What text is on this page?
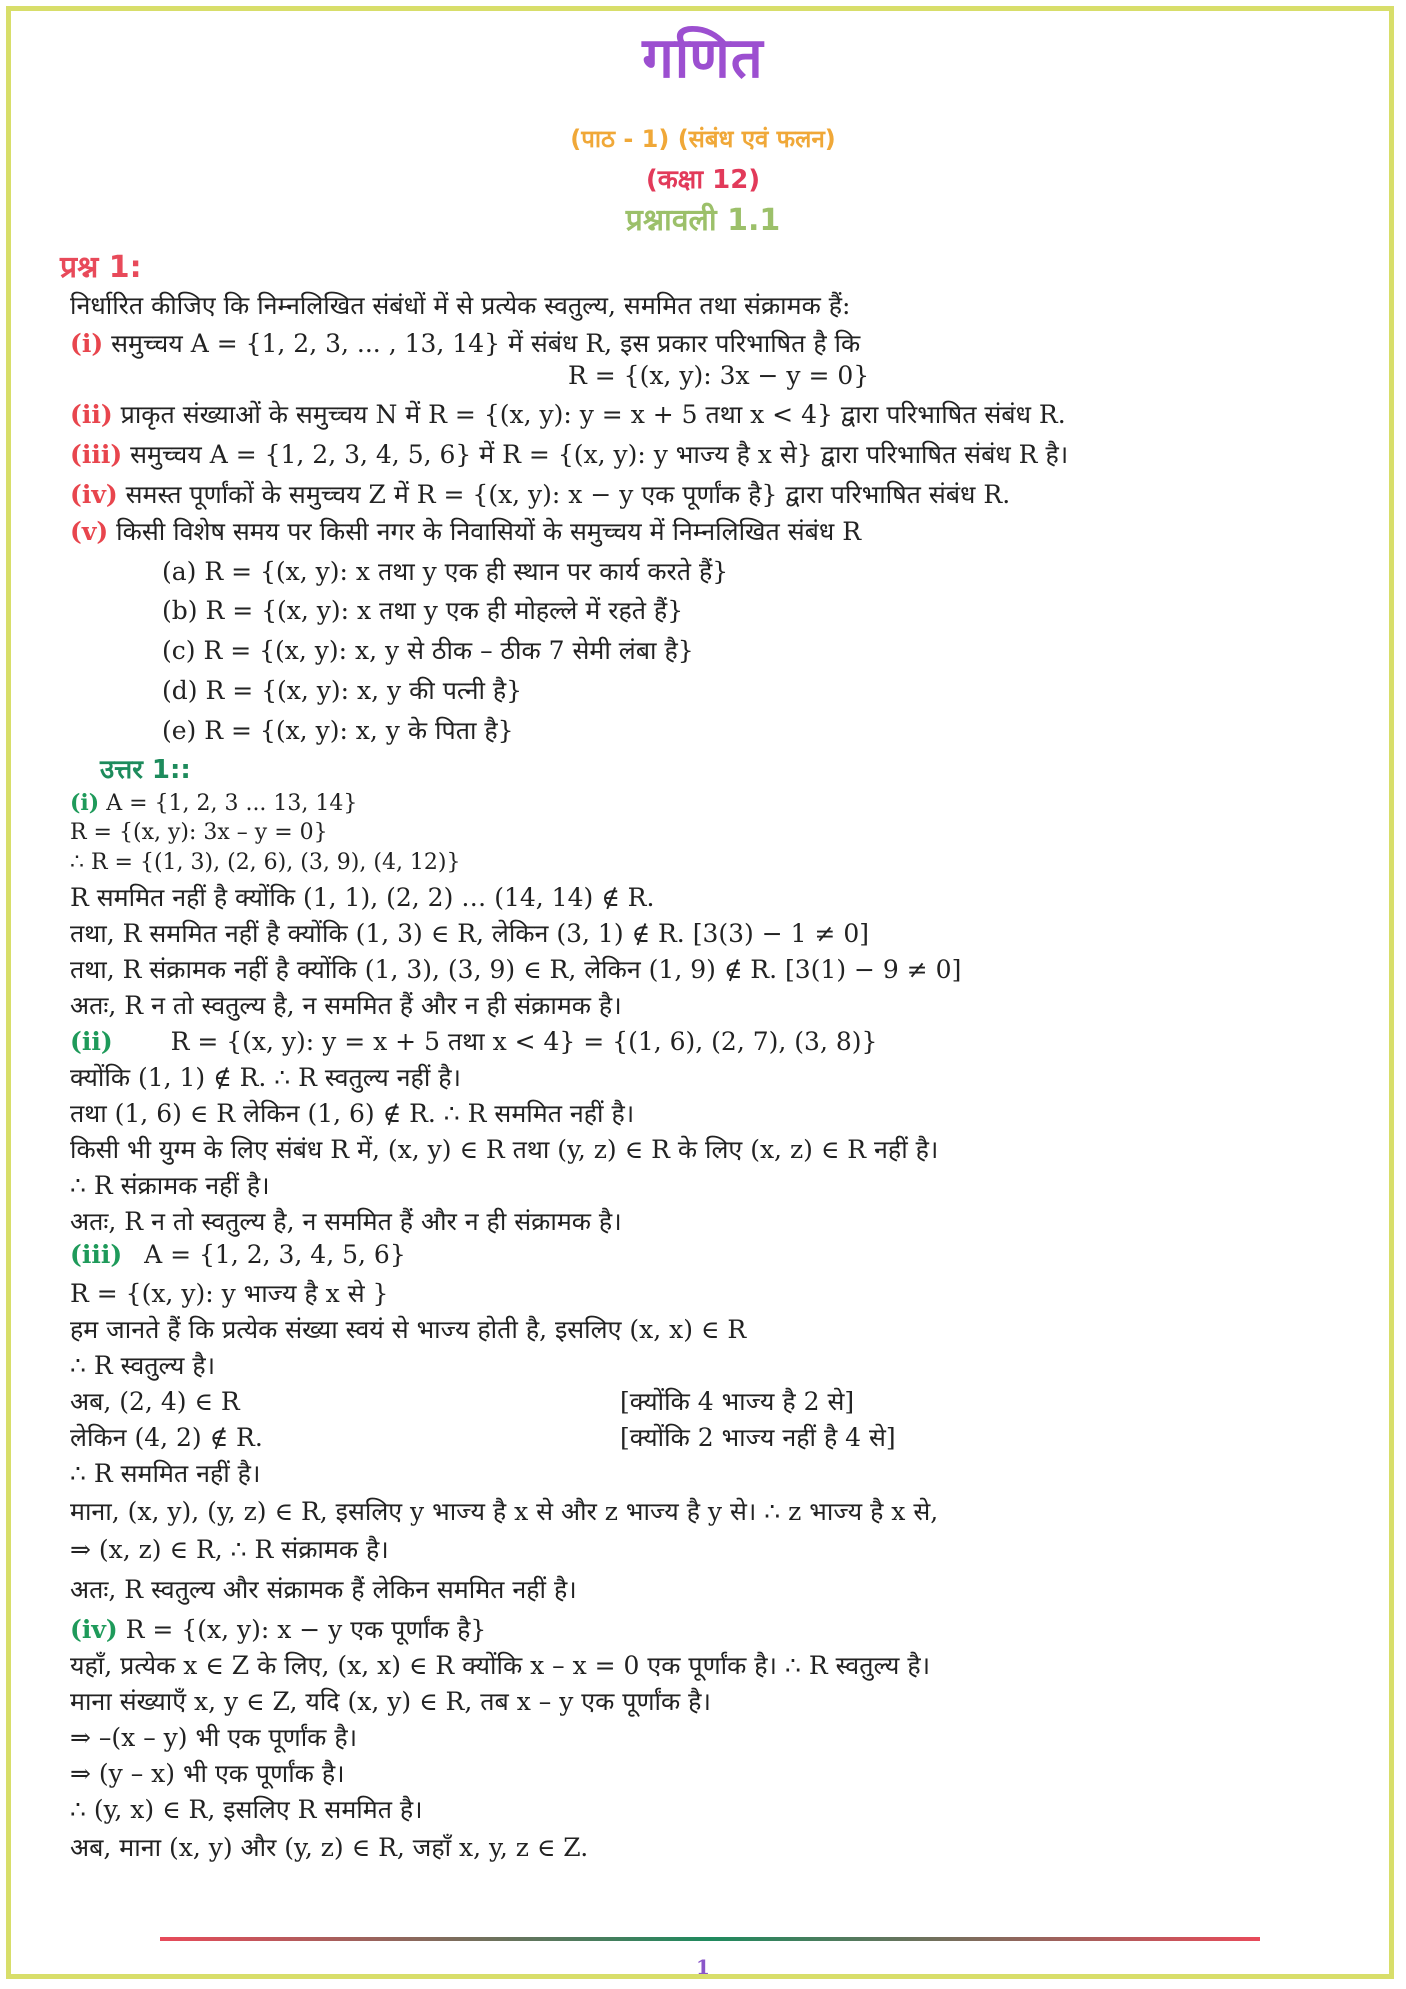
गणित
(पाठ - 1) (संबंध एवं फलन)
(कक्षा 12)
प्रश्नावली 1.1
प्रश्न 1:
निर्धारित कीजिए कि निम्नलिखित संबंधों में से प्रत्येक स्वतुल्य, सममित तथा संक्रामक हैं:
(i) समुच्चय A = {1, 2, 3, ... , 13, 14} में संबंध R, इस प्रकार परिभाषित है कि
R = {(x, y): 3x − y = 0}
(ii) प्राकृत संख्याओं के समुच्चय N में R = {(x, y): y = x + 5 तथा x < 4} द्वारा परिभाषित संबंध R.
(iii) समुच्चय A = {1, 2, 3, 4, 5, 6} में R = {(x, y): y भाज्य है x से} द्वारा परिभाषित संबंध R है।
(iv) समस्त पूर्णांकों के समुच्चय Z में R = {(x, y): x − y एक पूर्णांक है} द्वारा परिभाषित संबंध R.
(v) किसी विशेष समय पर किसी नगर के निवासियों के समुच्चय में निम्नलिखित संबंध R
(a) R = {(x, y): x तथा y एक ही स्थान पर कार्य करते हैं}
(b) R = {(x, y): x तथा y एक ही मोहल्ले में रहते हैं}
(c) R = {(x, y): x, y से ठीक – ठीक 7 सेमी लंबा है}
(d) R = {(x, y): x, y की पत्नी है}
(e) R = {(x, y): x, y के पिता है}
उत्तर 1::
(i) A = {1, 2, 3 ... 13, 14}
R = {(x, y): 3x – y = 0}
∴ R = {(1, 3), (2, 6), (3, 9), (4, 12)}
R सममित नहीं है क्योंकि (1, 1), (2, 2) … (14, 14) ∉ R.
तथा, R सममित नहीं है क्योंकि (1, 3) ∈ R, लेकिन (3, 1) ∉ R. [3(3) − 1 ≠ 0]
तथा, R संक्रामक नहीं है क्योंकि (1, 3), (3, 9) ∈ R, लेकिन (1, 9) ∉ R. [3(1) − 9 ≠ 0]
अतः, R न तो स्वतुल्य है, न सममित हैं और न ही संक्रामक है।
(ii) R = {(x, y): y = x + 5 तथा x < 4} = {(1, 6), (2, 7), (3, 8)}
क्योंकि (1, 1) ∉ R. ∴ R स्वतुल्य नहीं है।
तथा (1, 6) ∈ R लेकिन (1, 6) ∉ R. ∴ R सममित नहीं है।
किसी भी युग्म के लिए संबंध R में, (x, y) ∈ R तथा (y, z) ∈ R के लिए (x, z) ∈ R नहीं है।
∴ R संक्रामक नहीं है।
अतः, R न तो स्वतुल्य है, न सममित हैं और न ही संक्रामक है।
(iii) A = {1, 2, 3, 4, 5, 6}
R = {(x, y): y भाज्य है x से }
हम जानते हैं कि प्रत्येक संख्या स्वयं से भाज्य होती है, इसलिए (x, x) ∈ R
∴ R स्वतुल्य है।
अब, (2, 4) ∈ R	[क्योंकि 4 भाज्य है 2 से]
लेकिन (4, 2) ∉ R.	[क्योंकि 2 भाज्य नहीं है 4 से]
∴ R सममित नहीं है।
माना, (x, y), (y, z) ∈ R, इसलिए y भाज्य है x से और z भाज्य है y से। ∴ z भाज्य है x से,
⇒ (x, z) ∈ R, ∴ R संक्रामक है।
अतः, R स्वतुल्य और संक्रामक हैं लेकिन सममित नहीं है।
(iv) R = {(x, y): x − y एक पूर्णांक है}
यहाँ, प्रत्येक x ∈ Z के लिए, (x, x) ∈ R क्योंकि x – x = 0 एक पूर्णांक है। ∴ R स्वतुल्य है।
माना संख्याएँ x, y ∈ Z, यदि (x, y) ∈ R, तब x – y एक पूर्णांक है।
⇒ –(x – y) भी एक पूर्णांक है।
⇒ (y – x) भी एक पूर्णांक है।
∴ (y, x) ∈ R, इसलिए R सममित है।
अब, माना (x, y) और (y, z) ∈ R, जहाँ x, y, z ∈ Z.
1
